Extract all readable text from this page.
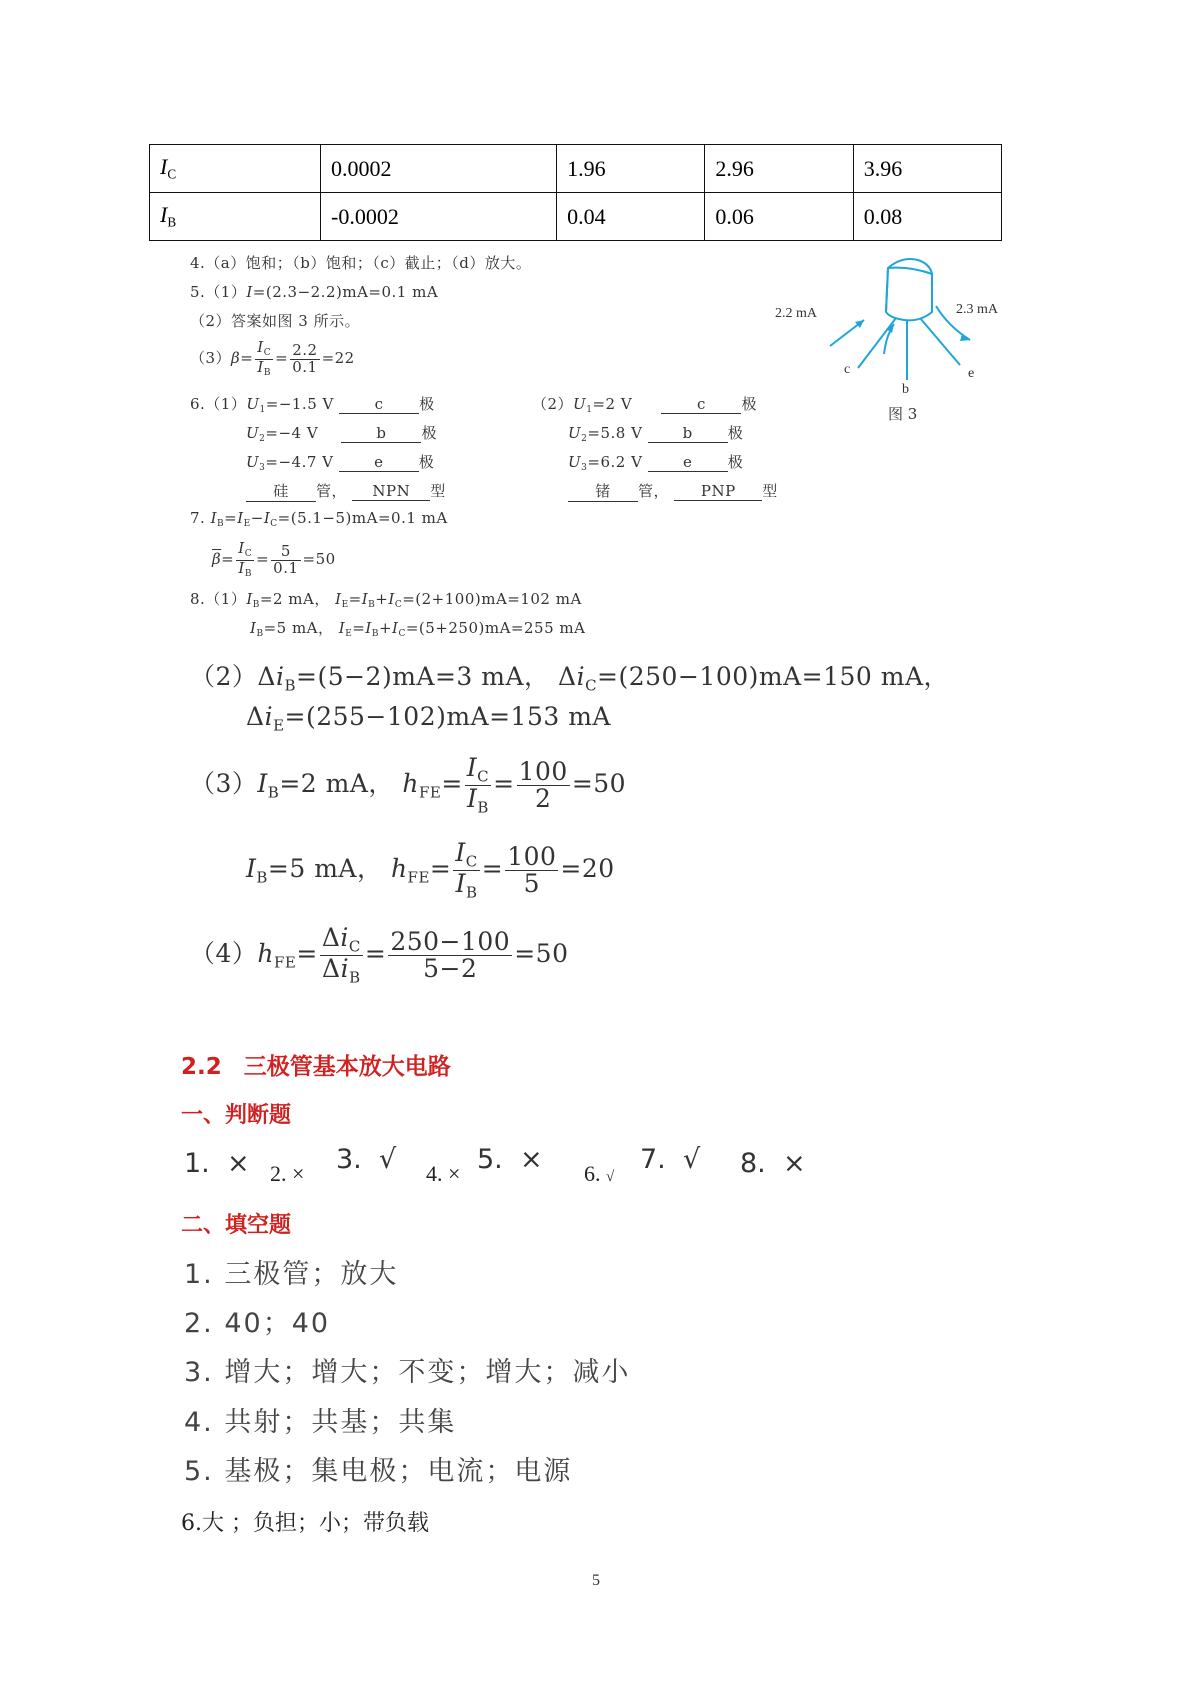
$I_C$	0.0002	1.96	2.96	3.96
$I_B$	-0.0002	0.04	0.06	0.08
4.（a）饱和；（b）饱和；（c）截止；（d）放大。
5.（1）I=(2.3−2.2)mA=0.1 mA
（2）答案如图 3 所示。
$(3)\beta= \frac{I_C}{I_B} = \frac{2.2}{0.1} =22$
2.2 mA	2.3 mA
c
b
e
图 3
$6.(1)U_1=-1.5$ V	c 极
$U_2=-4$ V	b 极
$U_3=-4.7$ V	e 极
硅 管， NPN 型
$(2)U_1=2$ V	c 极
$U_2=5.8$ V	b 极
$U_3=6.2$ V	e 极
锗 管， PNP 型
7. $I_B=I_E-I_C=(5.1-5)mA=0.1$ mA
$\overline{\beta}= \frac{I_C}{I_B} = \frac{5}{0.1} =50$
$8.(1)I_B=2$ mA， $I_E=I_B+I_C=(2+100)mA=102$ mA
$I_B=5$ mA， $I_E=I_B+I_C=(5+250)mA=255$ mA
$(2)\Delta i_B=(5-2)mA=3$ mA， $\Delta i_C=(250-100)mA=150$ mA，
$\Delta i_E=(255-102)mA=153$ mA
$(3)I_B=2$ mA， $h_{FE}= \frac{I_C}{I_B} = \frac{100}{2} =50$
$I_B=5$ mA， $h_{FE}= \frac{I_C}{I_B} = \frac{100}{5} =20$
$(4)h_{FE}= \frac{\Delta i_C}{\Delta i_B} = \frac{250-100}{5-2} =50$
2.2 三极管基本放大电路
一、判断题
1. × 2. × 3. √ 4. × 5. × 6. √
7. √ 8. ×
二、填空题
1. 三极管；放大
2. 40；40
3. 增大；增大；不变；增大；减小
4. 共射；共基；共集
5. 基极；集电极；电流；电源
6.大 ；负担；小；带负载
5
